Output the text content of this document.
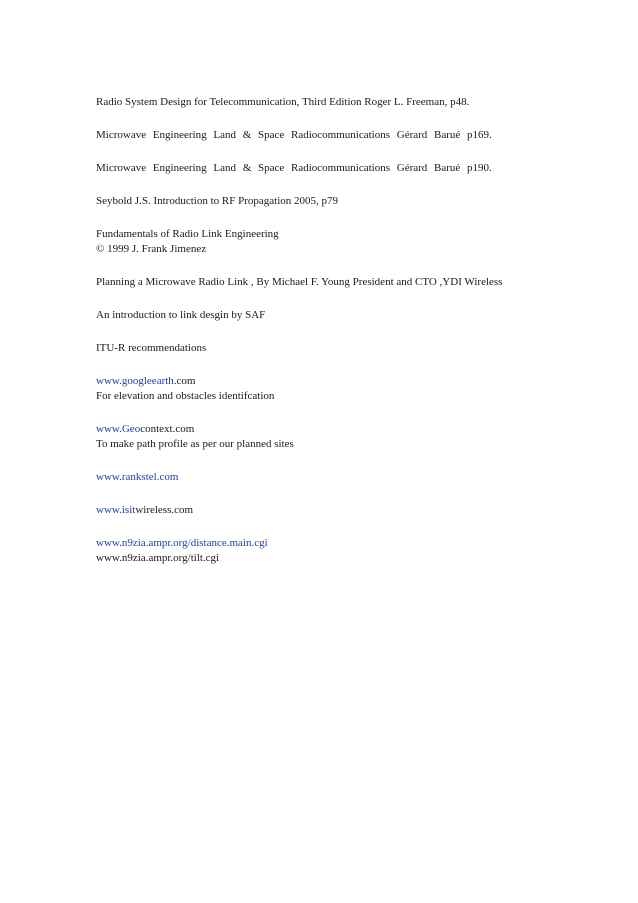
Radio System Design for Telecommunication, Third Edition Roger L. Freeman, p48.

Microwave Engineering Land & Space Radiocommunications Gérard Barué p169.

Microwave Engineering Land & Space Radiocommunications Gérard Barué p190.

Seybold J.S. Introduction to RF Propagation 2005, p79

Fundamentals of Radio Link Engineering

© 1999 J. Frank Jimenez

Planning a Microwave Radio Link , By Michael F. Young President and CTO ,YDI Wireless

An introduction to link desgin by SAF

ITU-R recommendations

www.googleearth.com

For elevation and obstacles identifcation

www.Geocontext.com

To make path profile as per our planned sites

www.rankstel.com

www.isitwireless.com

www.n9zia.ampr.org/distance.main.cgi

www.n9zia.ampr.org/tilt.cgi
